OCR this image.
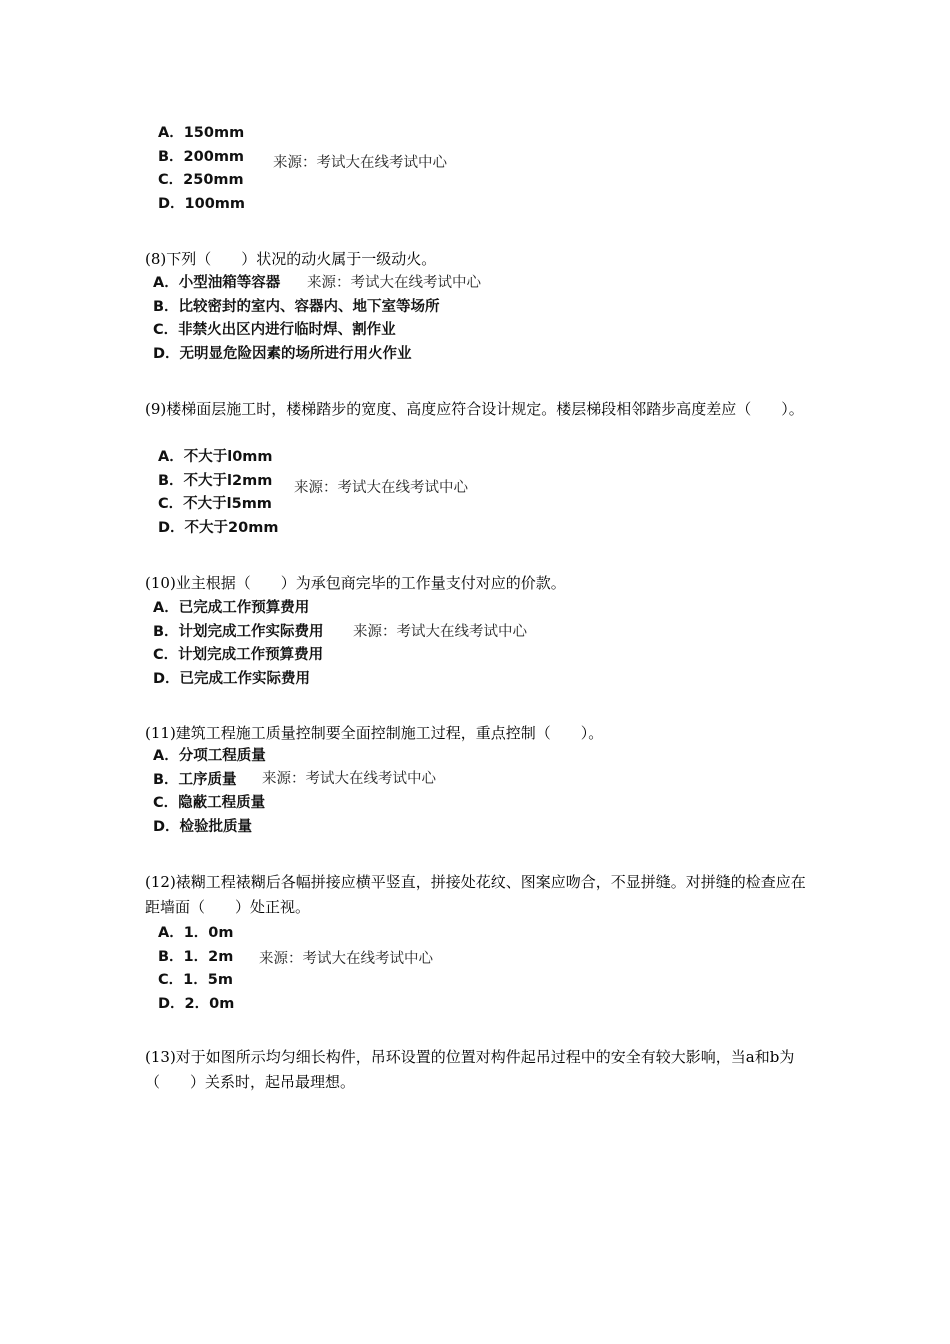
A．150mm
B．200mm
C．250mm
D．100mm
来源：考试大在线考试中心
(8)下列（　　）状况的动火属于一级动火。
A．小型油箱等容器
B．比较密封的室内、容器内、地下室等场所
C．非禁火出区内进行临时焊、割作业
D．无明显危险因素的场所进行用火作业
来源：考试大在线考试中心
(9)楼梯面层施工时，楼梯踏步的宽度、高度应符合设计规定。楼层梯段相邻踏步高度差应（　　）。
A．不大于l0mm
B．不大于l2mm
C．不大于l5mm
D．不大于20mm
来源：考试大在线考试中心
(10)业主根据（　　）为承包商完毕的工作量支付对应的价款。
A．已完成工作预算费用
B．计划完成工作实际费用
C．计划完成工作预算费用
D．已完成工作实际费用
来源：考试大在线考试中心
(11)建筑工程施工质量控制要全面控制施工过程，重点控制（　　）。
A．分项工程质量
B．工序质量
C．隐蔽工程质量
D．检验批质量
来源：考试大在线考试中心
(12)裱糊工程裱糊后各幅拼接应横平竖直，拼接处花纹、图案应吻合，不显拼缝。对拼缝的检查应在距墙面（　　）处正视。
A．1．0m
B．1．2m
C．1．5m
D．2．0m
来源：考试大在线考试中心
(13)对于如图所示均匀细长构件，吊环设置的位置对构件起吊过程中的安全有较大影响，当a和b为（　　）关系时，起吊最理想。
